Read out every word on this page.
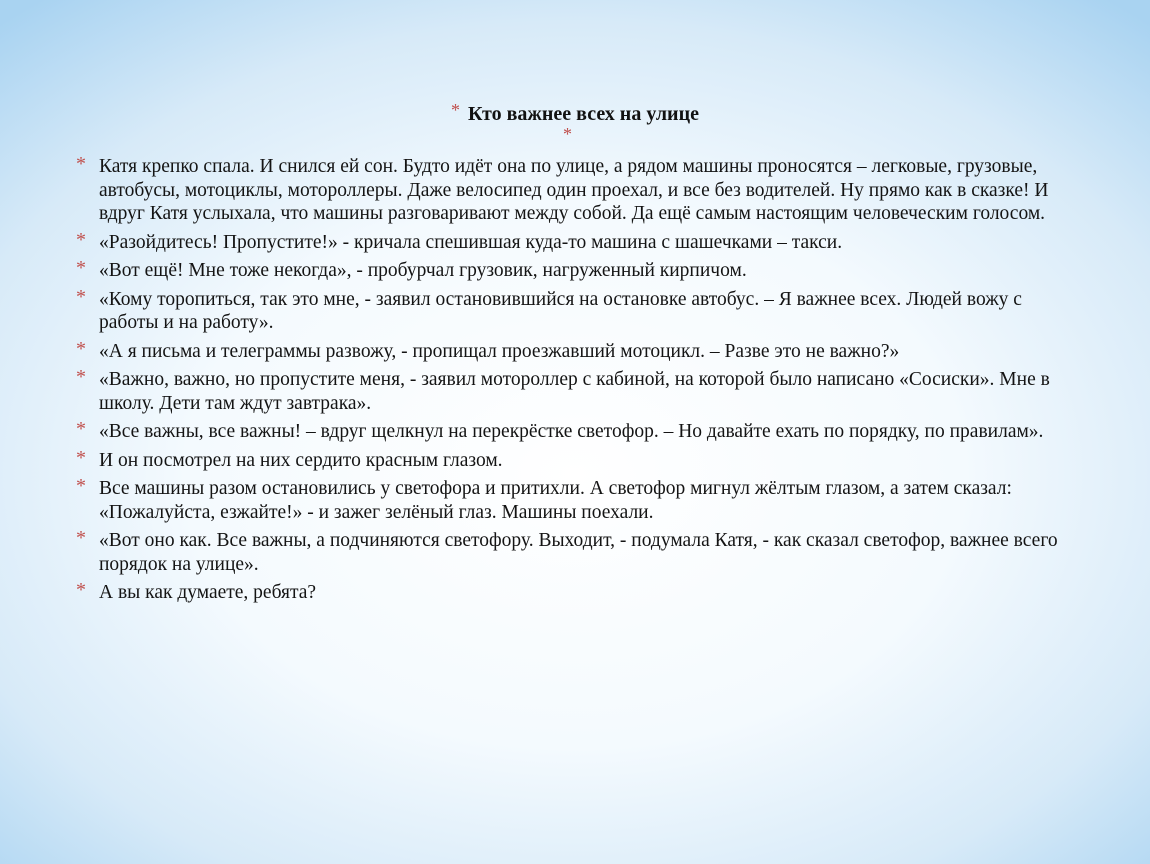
* Кто важнее всех на улице
*
* Катя крепко спала. И снился ей сон. Будто идёт она по улице, а рядом машины проносятся – легковые, грузовые, автобусы, мотоциклы, мотороллеры. Даже велосипед один проехал, и все без водителей. Ну прямо как в сказке! И вдруг Катя услыхала, что машины разговаривают между собой. Да ещё самым настоящим человеческим голосом.
* «Разойдитесь! Пропустите!» - кричала спешившая куда-то машина с шашечками – такси.
* «Вот ещё! Мне тоже некогда», - пробурчал грузовик, нагруженный кирпичом.
* «Кому торопиться, так это мне, - заявил остановившийся на остановке автобус. – Я важнее всех. Людей вожу с работы и на работу».
* «А я письма и телеграммы развожу, - пропищал проезжавший мотоцикл. – Разве это не важно?»
* «Важно, важно, но пропустите меня, - заявил мотороллер с кабиной, на которой было написано «Сосиски». Мне в школу. Дети там ждут завтрака».
* «Все важны, все важны! – вдруг щелкнул на перекрёстке светофор. – Но давайте ехать по порядку, по правилам».
* И он посмотрел на них сердито красным глазом.
* Все машины разом остановились у светофора и притихли. А светофор мигнул жёлтым глазом, а затем сказал: «Пожалуйста, езжайте!» - и зажег зелёный глаз. Машины поехали.
* «Вот оно как. Все важны, а подчиняются светофору. Выходит, - подумала Катя, - как сказал светофор, важнее всего порядок на улице».
* А вы как думаете, ребята?
